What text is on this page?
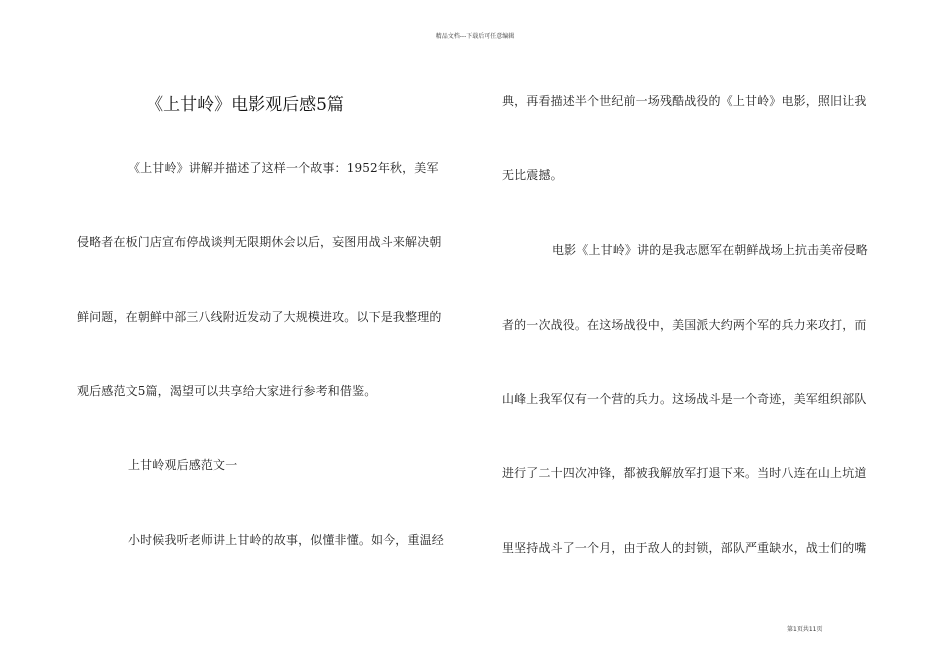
精品文档---下载后可任意编辑
《上甘岭》电影观后感5篇
《上甘岭》讲解并描述了这样一个故事：1952年秋，美军
侵略者在板门店宣布停战谈判无限期休会以后，妄图用战斗来解决朝
鲜问题，在朝鲜中部三八线附近发动了大规模进攻。以下是我整理的
观后感范文5篇，渴望可以共享给大家进行参考和借鉴。
上甘岭观后感范文一
小时候我听老师讲上甘岭的故事，似懂非懂。如今，重温经
典，再看描述半个世纪前一场残酷战役的《上甘岭》电影，照旧让我
无比震撼。
电影《上甘岭》讲的是我志愿军在朝鲜战场上抗击美帝侵略
者的一次战役。在这场战役中，美国派大约两个军的兵力来攻打，而
山峰上我军仅有一个营的兵力。这场战斗是一个奇迹，美军组织部队
进行了二十四次冲锋，都被我解放军打退下来。当时八连在山上坑道
里坚持战斗了一个月，由于敌人的封锁，部队严重缺水，战士们的嘴
第1页共11页
